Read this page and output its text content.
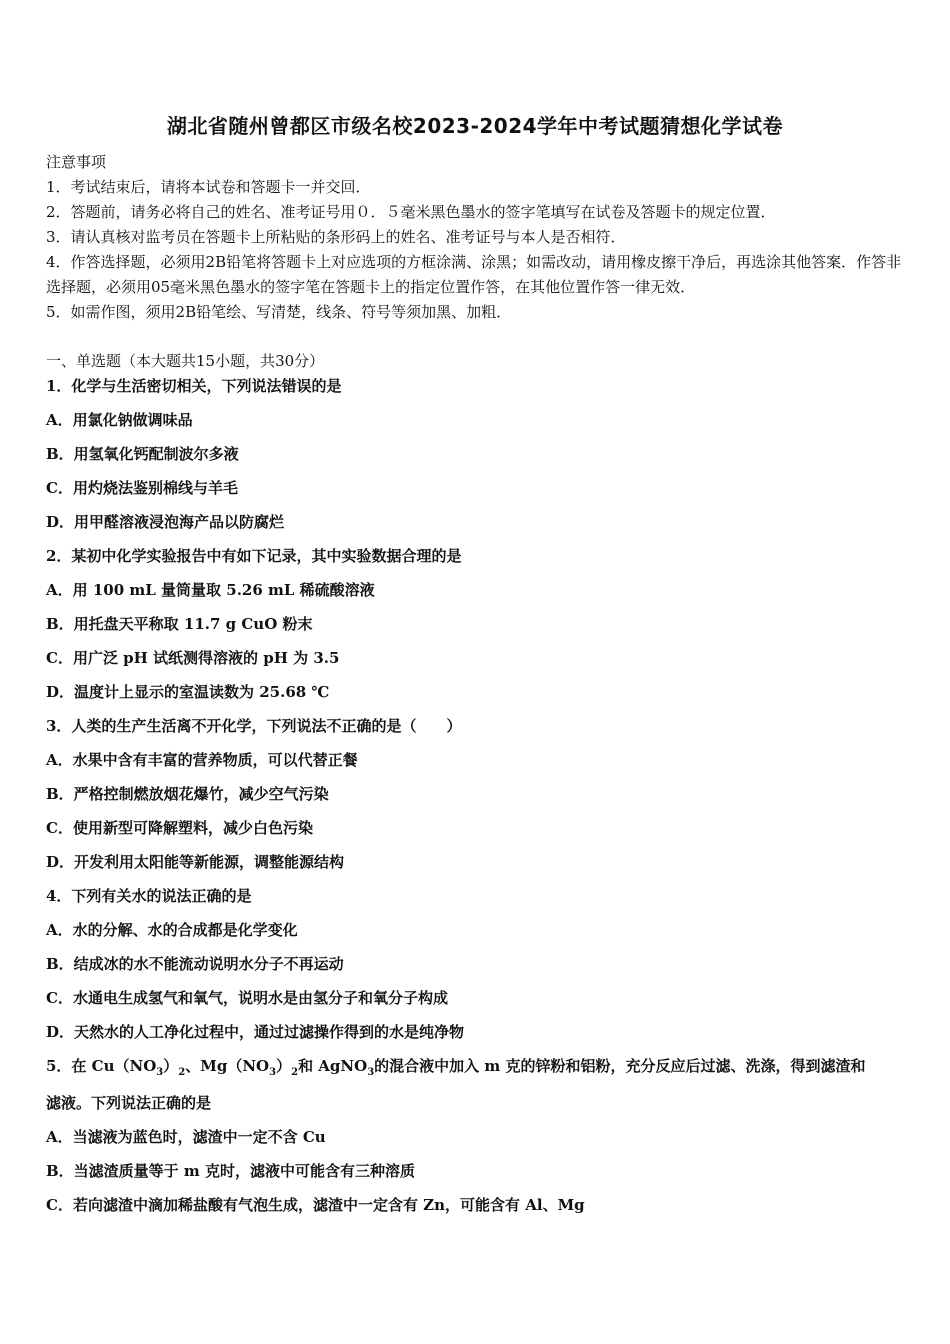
湖北省随州曾都区市级名校2023-2024学年中考试题猜想化学试卷
注意事项
1．考试结束后，请将本试卷和答题卡一并交回．
2．答题前，请务必将自己的姓名、准考证号用０．５毫米黑色墨水的签字笔填写在试卷及答题卡的规定位置．
3．请认真核对监考员在答题卡上所粘贴的条形码上的姓名、准考证号与本人是否相符．
4．作答选择题，必须用2B铅笔将答题卡上对应选项的方框涂满、涂黑；如需改动，请用橡皮擦干净后，再选涂其他答案．作答非选择题，必须用05毫米黑色墨水的签字笔在答题卡上的指定位置作答，在其他位置作答一律无效．
5．如需作图，须用2B铅笔绘、写清楚，线条、符号等须加黑、加粗．
一、单选题（本大题共15小题，共30分）
1．化学与生活密切相关，下列说法错误的是
A．用氯化钠做调味品
B．用氢氧化钙配制波尔多液
C．用灼烧法鉴别棉线与羊毛
D．用甲醛溶液浸泡海产品以防腐烂
2．某初中化学实验报告中有如下记录，其中实验数据合理的是
A．用 100 mL 量筒量取 5.26 mL 稀硫酸溶液
B．用托盘天平称取 11.7 g CuO 粉末
C．用广泛 pH 试纸测得溶液的 pH 为 3.5
D．温度计上显示的室温读数为 25.68 ℃
3．人类的生产生活离不开化学，下列说法不正确的是（　　）
A．水果中含有丰富的营养物质，可以代替正餐
B．严格控制燃放烟花爆竹，减少空气污染
C．使用新型可降解塑料，减少白色污染
D．开发利用太阳能等新能源，调整能源结构
4．下列有关水的说法正确的是
A．水的分解、水的合成都是化学变化
B．结成冰的水不能流动说明水分子不再运动
C．水通电生成氢气和氧气，说明水是由氢分子和氧分子构成
D．天然水的人工净化过程中，通过过滤操作得到的水是纯净物
5．在 $Cu(NO_3)_2$、$Mg(NO_3)_2$和 AgNO$_3$的混合液中加入 m 克的锌粉和铝粉，充分反应后过滤、洗涤，得到滤渣和
滤液。下列说法正确的是
A．当滤液为蓝色时，滤渣中一定不含 Cu
B．当滤渣质量等于 m 克时，滤液中可能含有三种溶质
C．若向滤渣中滴加稀盐酸有气泡生成，滤渣中一定含有 Zn，可能含有 Al、Mg
